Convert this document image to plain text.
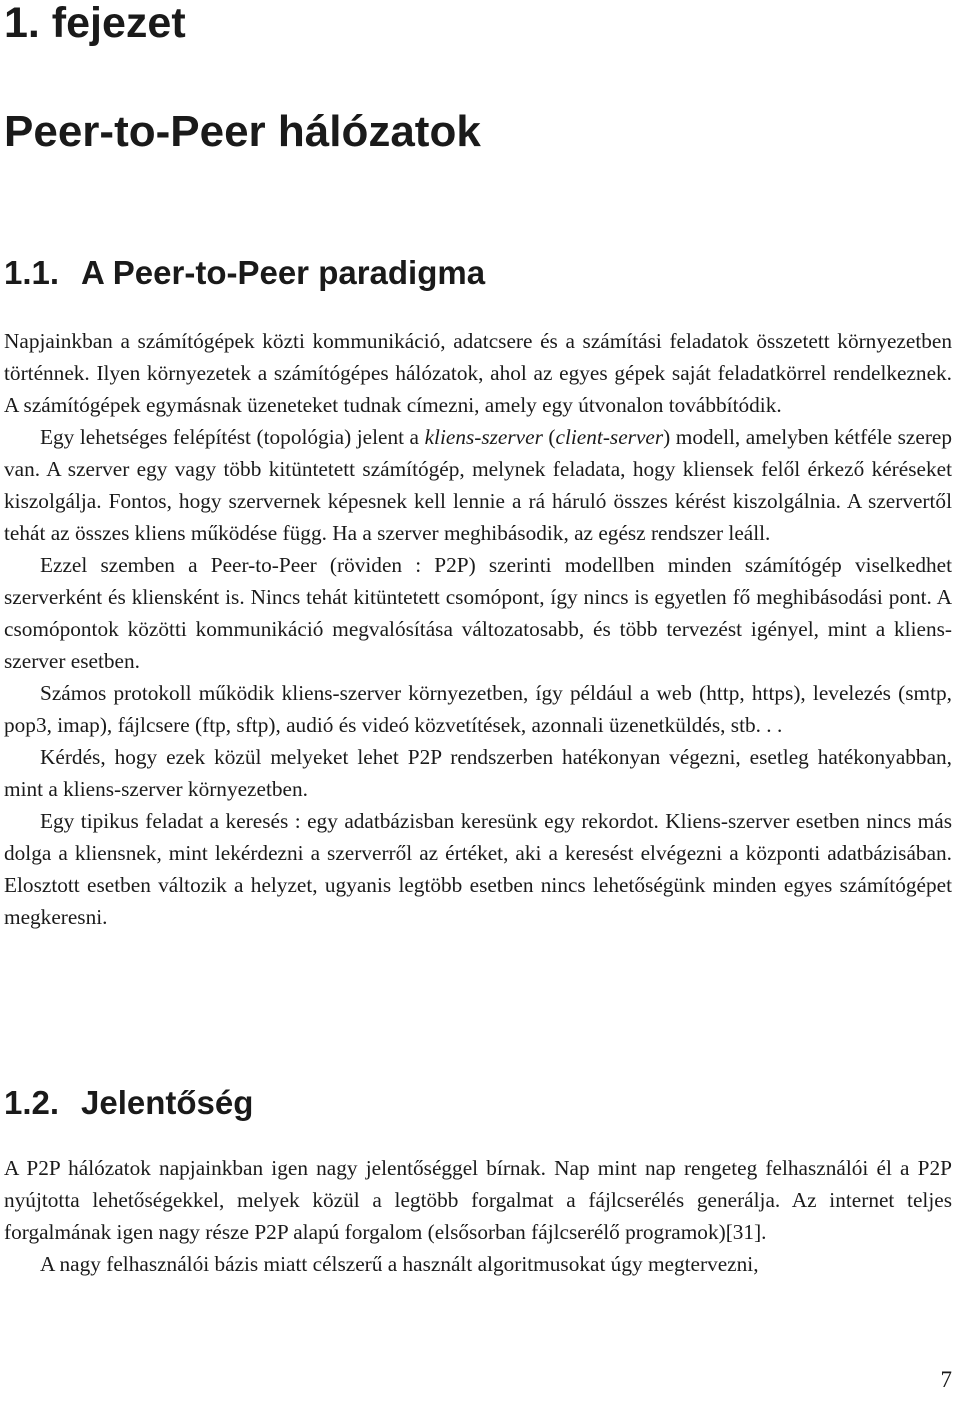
1. fejezet
Peer-to-Peer hálózatok
1.1. A Peer-to-Peer paradigma

Napjainkban a számítógépek közti kommunikáció, adatcsere és a számítási feladatok összetett környezetben történnek. Ilyen környezetek a számítógépes hálózatok, ahol az egyes gépek saját feladatkörrel rendelkeznek. A számítógépek egymásnak üzeneteket tudnak címezni, amely egy útvonalon továbbítódik.

Egy lehetséges felépítést (topológia) jelent a kliens-szerver (client-server) modell, amelyben kétféle szerep van. A szerver egy vagy több kitüntetett számítógép, melynek feladata, hogy kliensek felől érkező kéréseket kiszolgálja. Fontos, hogy szervernek képesnek kell lennie a rá háruló összes kérést kiszolgálnia. A szervertől tehát az összes kliens működése függ. Ha a szerver meghibásodik, az egész rendszer leáll.

Ezzel szemben a Peer-to-Peer (röviden : P2P) szerinti modellben minden számítógép viselkedhet szerverként és kliensként is. Nincs tehát kitüntetett csomópont, így nincs is egyetlen fő meghibásodási pont. A csomópontok közötti kommunikáció megvalósítása változatosabb, és több tervezést igényel, mint a kliens-szerver esetben.

Számos protokoll működik kliens-szerver környezetben, így például a web (http, https), levelezés (smtp, pop3, imap), fájlcsere (ftp, sftp), audió és videó közvetítések, azonnali üzenetküldés, stb. . .

Kérdés, hogy ezek közül melyeket lehet P2P rendszerben hatékonyan végezni, esetleg hatékonyabban, mint a kliens-szerver környezetben.

Egy tipikus feladat a keresés : egy adatbázisban keresünk egy rekordot. Kliens-szerver esetben nincs más dolga a kliensnek, mint lekérdezni a szerverről az értéket, aki a keresést elvégezni a központi adatbázisában. Elosztott esetben változik a helyzet, ugyanis legtöbb esetben nincs lehetőségünk minden egyes számítógépet megkeresni.

1.2. Jelentőség

A P2P hálózatok napjainkban igen nagy jelentőséggel bírnak. Nap mint nap rengeteg felhasználói él a P2P nyújtotta lehetőségekkel, melyek közül a legtöbb forgalmat a fájlcserélés generálja. Az internet teljes forgalmának igen nagy része P2P alapú forgalom (elsősorban fájlcserélő programok)[31].

A nagy felhasználói bázis miatt célszerű a használt algoritmusokat úgy megtervezni,

7
